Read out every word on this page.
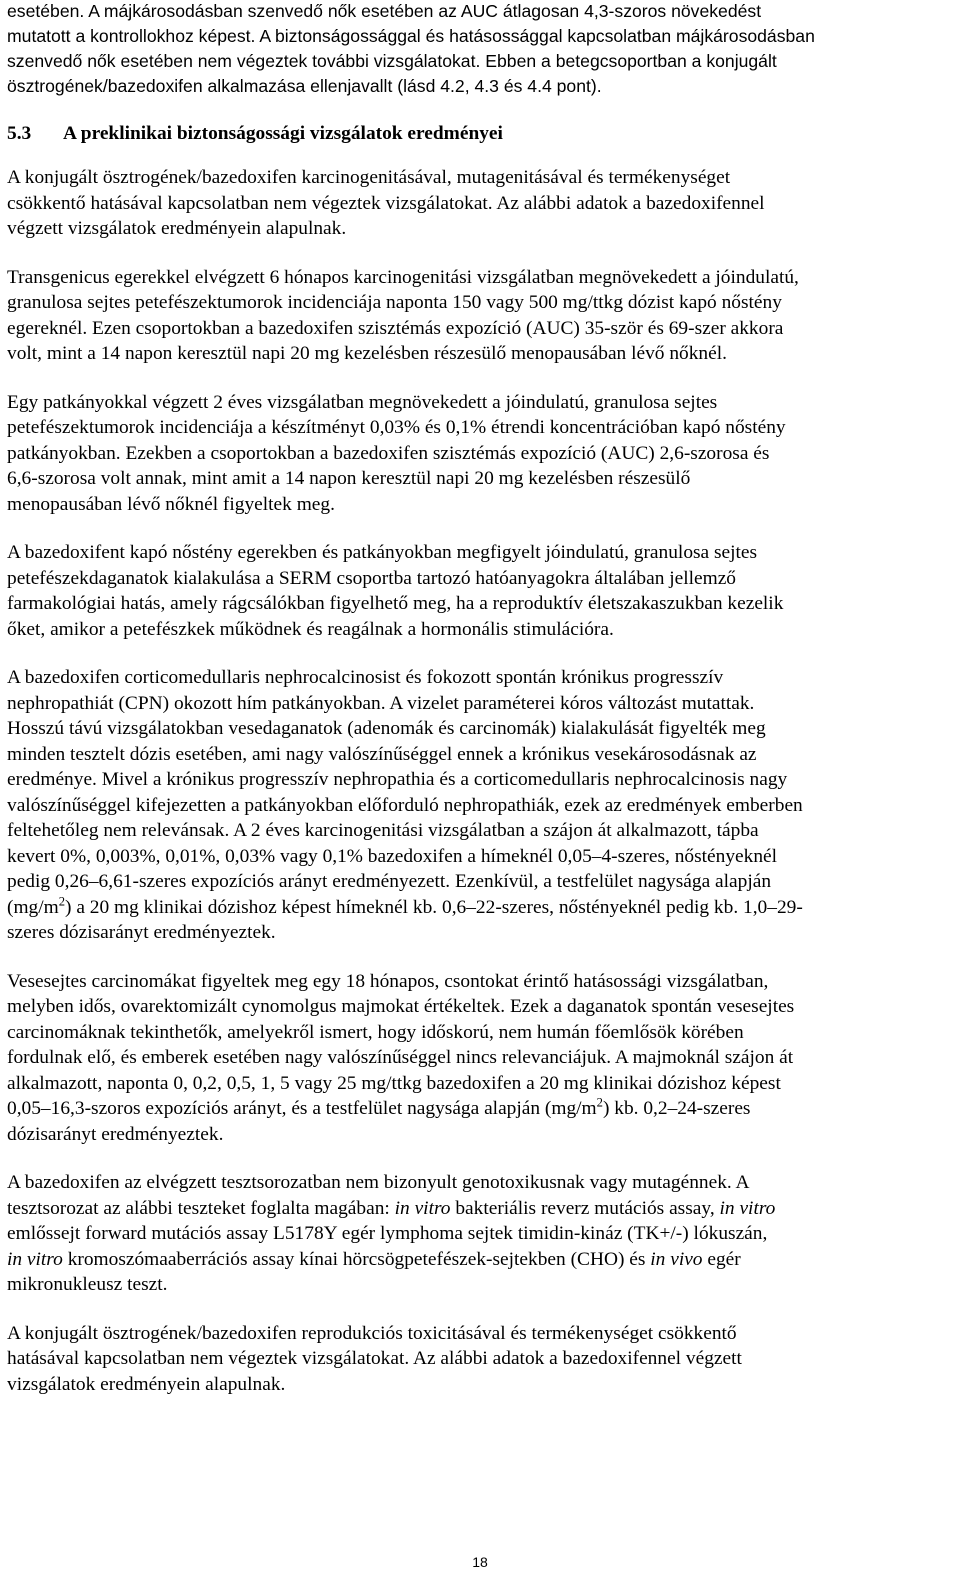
esetében. A májkárosodásban szenvedő nők esetében az AUC átlagosan 4,3-szoros növekedést
mutatott a kontrollokhoz képest. A biztonságossággal és hatásossággal kapcsolatban májkárosodásban
szenvedő nők esetében nem végeztek további vizsgálatokat. Ebben a betegcsoportban a konjugált
ösztrogének/bazedoxifen alkalmazása ellenjavallt (lásd 4.2, 4.3 és 4.4 pont).

5.3 A preklinikai biztonságossági vizsgálatok eredményei

A konjugált ösztrogének/bazedoxifen karcinogenitásával, mutagenitásával és termékenységet
csökkentő hatásával kapcsolatban nem végeztek vizsgálatokat. Az alábbi adatok a bazedoxifennel
végzett vizsgálatok eredményein alapulnak.

Transgenicus egerekkel elvégzett 6 hónapos karcinogenitási vizsgálatban megnövekedett a jóindulatú,
granulosa sejtes petefészektumorok incidenciája naponta 150 vagy 500 mg/ttkg dózist kapó nőstény
egereknél. Ezen csoportokban a bazedoxifen szisztémás expozíció (AUC) 35-ször és 69-szer akkora
volt, mint a 14 napon keresztül napi 20 mg kezelésben részesülő menopausában lévő nőknél.

Egy patkányokkal végzett 2 éves vizsgálatban megnövekedett a jóindulatú, granulosa sejtes
petefészektumorok incidenciája a készítményt 0,03% és 0,1% étrendi koncentrációban kapó nőstény
patkányokban. Ezekben a csoportokban a bazedoxifen szisztémás expozíció (AUC) 2,6-szorosa és
6,6-szorosa volt annak, mint amit a 14 napon keresztül napi 20 mg kezelésben részesülő
menopausában lévő nőknél figyeltek meg.

A bazedoxifent kapó nőstény egerekben és patkányokban megfigyelt jóindulatú, granulosa sejtes
petefészekdaganatok kialakulása a SERM csoportba tartozó hatóanyagokra általában jellemző
farmakológiai hatás, amely rágcsálókban figyelhető meg, ha a reproduktív életszakaszukban kezelik
őket, amikor a petefészkek működnek és reagálnak a hormonális stimulációra.

A bazedoxifen corticomedullaris nephrocalcinosist és fokozott spontán krónikus progresszív
nephropathiát (CPN) okozott hím patkányokban. A vizelet paraméterei kóros változást mutattak.
Hosszú távú vizsgálatokban vesedaganatok (adenomák és carcinomák) kialakulását figyelték meg
minden tesztelt dózis esetében, ami nagy valószínűséggel ennek a krónikus vesekárosodásnak az
eredménye. Mivel a krónikus progresszív nephropathia és a corticomedullaris nephrocalcinosis nagy
valószínűséggel kifejezetten a patkányokban előforduló nephropathiák, ezek az eredmények emberben
feltehetőleg nem relevánsak. A 2 éves karcinogenitási vizsgálatban a szájon át alkalmazott, tápba
kevert 0%, 0,003%, 0,01%, 0,03% vagy 0,1% bazedoxifen a hímeknél 0,05–4-szeres, nőstényeknél
pedig 0,26–6,61-szeres expozíciós arányt eredményezett. Ezenkívül, a testfelület nagysága alapján
$(mg/m^2)$ a 20 mg klinikai dózishoz képest hímeknél kb. 0,6–22-szeres, nőstényeknél pedig kb. 1,0–29-
szeres dózisarányt eredményeztek.

Vesesejtes carcinomákat figyeltek meg egy 18 hónapos, csontokat érintő hatásossági vizsgálatban,
melyben idős, ovarektomizált cynomolgus majmokat értékeltek. Ezek a daganatok spontán vesesejtes
carcinomáknak tekinthetők, amelyekről ismert, hogy időskorú, nem humán főemlősök körében
fordulnak elő, és emberek esetében nagy valószínűséggel nincs relevanciájuk. A majmoknál szájon át
alkalmazott, naponta 0, 0,2, 0,5, 1, 5 vagy 25 mg/ttkg bazedoxifen a 20 mg klinikai dózishoz képest
0,05–16,3-szoros expozíciós arányt, és a testfelület nagysága alapján $(mg/m^2)$ kb. 0,2–24-szeres
dózisarányt eredményeztek.

A bazedoxifen az elvégzett tesztsorozatban nem bizonyult genotoxikusnak vagy mutagénnek. A
tesztsorozat az alábbi teszteket foglalta magában: in vitro bakteriális reverz mutációs assay, in vitro
emlőssejt forward mutációs assay L5178Y egér lymphoma sejtek timidin-kináz (TK+/-) lókuszán,
in vitro kromoszómaaberrációs assay kínai hörcsögpetefészek-sejtekben (CHO) és in vivo egér
mikronukleusz teszt.

A konjugált ösztrogének/bazedoxifen reprodukciós toxicitásával és termékenységet csökkentő
hatásával kapcsolatban nem végeztek vizsgálatokat. Az alábbi adatok a bazedoxifennel végzett
vizsgálatok eredményein alapulnak.

18
